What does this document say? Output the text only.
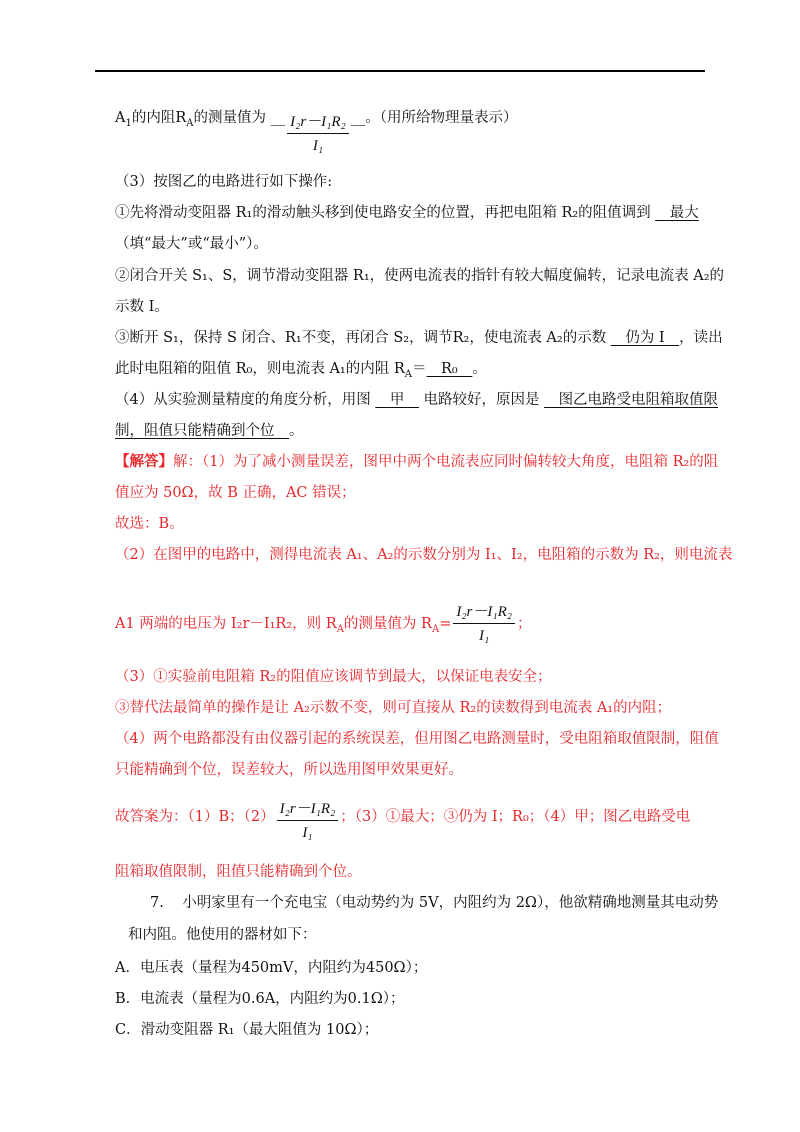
$A_1$的内阻$R_A$的测量值为 __ $\frac{\text{I₂r－I₁R₂}}{\text{I₁}}$ __。（用所给物理量表示）
（3）按图乙的电路进行如下操作:
①先将滑动变阻器 R₁的滑动触头移到使电路安全的位置，再把电阻箱 R₂的阻值调到 __最大
（填“最大”或“最小”）。
②闭合开关 S₁、S，调节滑动变阻器 R₁，使两电流表的指针有较大幅度偏转，记录电流表 A₂的
示数 I。
③断开 S₁，保持 S 闭合、R₁不变，再闭合 S₂，调节R₂，使电流表 A₂的示数 __仍为 I__，读出
此时电阻箱的阻值 R₀，则电流表 A₁的内阻 $R_A=\_\_R_0\_\_$。
（4）从实验测量精度的角度分析，用图 __甲__ 电路较好，原因是 __图乙电路受电阻箱取值限
制，阻值只能精确到个位__。
【解答】解：（1）为了减小测量误差，图甲中两个电流表应同时偏转较大角度，电阻箱 R₂的阻
值应为 50Ω，故 B 正确，AC 错误；
故选：B。
（2）在图甲的电路中，测得电流表 A₁、A₂的示数分别为 I₁、I₂，电阻箱的示数为 R₂，则电流表
A1 两端的电压为 I₂r－I₁R₂，则 $R_A$的测量值为 $R_A= \frac{\text{I₂r－I₁R₂}}{\text{I₁}}$ ；
（3）①实验前电阻箱 R₂的阻值应该调节到最大，以保证电表安全；
③替代法最简单的操作是让 A₂示数不变，则可直接从 R₂的读数得到电流表 A₁的内阻；
（4）两个电路都没有由仪器引起的系统误差，但用图乙电路测量时，受电阻箱取值限制，阻值
只能精确到个位，误差较大，所以选用图甲效果更好。
故答案为：（1）B；$(2) \frac{\text{I₂r－I₁R₂}}{\text{I₁}}$ ；（3）①最大；③仍为 I；R₀；（4）甲；图乙电路受电
阻箱取值限制，阻值只能精确到个位。
7. 小明家里有一个充电宝（电动势约为 5V，内阻约为 2Ω），他欲精确地测量其电动势
和内阻。他使用的器材如下：
A．电压表（量程为450mV，内阻约为450Ω）；
B．电流表（量程为0.6A，内阻约为0.1Ω）；
C．滑动变阻器 R₁（最大阻值为 10Ω）；
